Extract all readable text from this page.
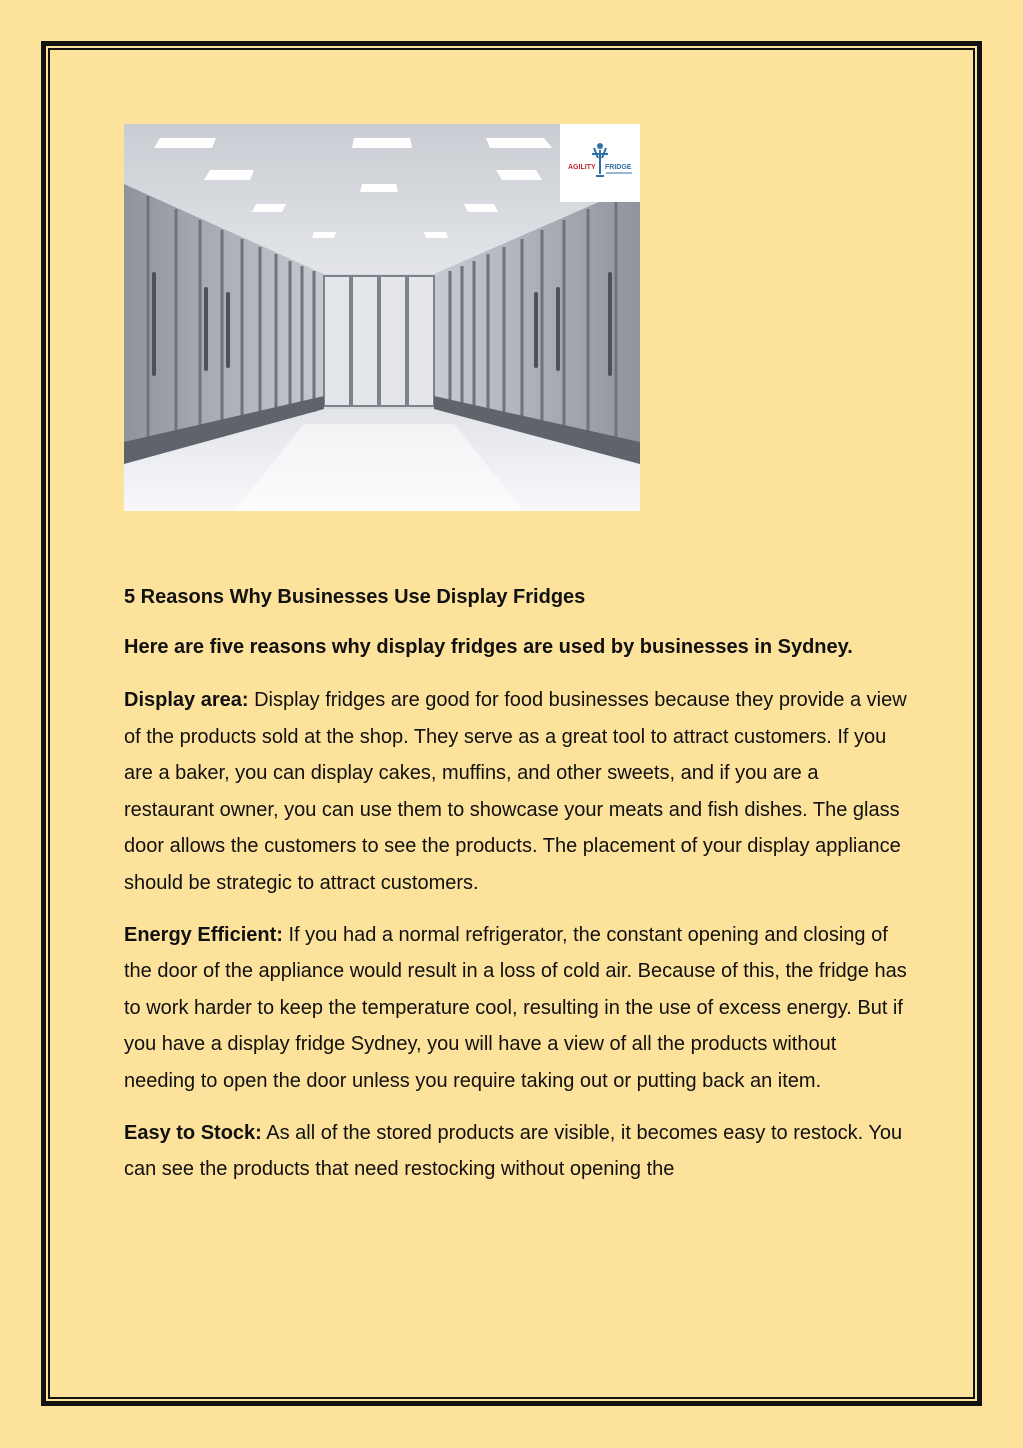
AGILITY FRIDGE

5 Reasons Why Businesses Use Display Fridges

Here are five reasons why display fridges are used by businesses in Sydney.

Display area: Display fridges are good for food businesses because they provide a view of the products sold at the shop. They serve as a great tool to attract customers. If you are a baker, you can display cakes, muffins, and other sweets, and if you are a restaurant owner, you can use them to showcase your meats and fish dishes. The glass door allows the customers to see the products. The placement of your display appliance should be strategic to attract customers.

Energy Efficient: If you had a normal refrigerator, the constant opening and closing of the door of the appliance would result in a loss of cold air. Because of this, the fridge has to work harder to keep the temperature cool, resulting in the use of excess energy. But if you have a display fridge Sydney, you will have a view of all the products without needing to open the door unless you require taking out or putting back an item.

Easy to Stock: As all of the stored products are visible, it becomes easy to restock. You can see the products that need restocking without opening the
